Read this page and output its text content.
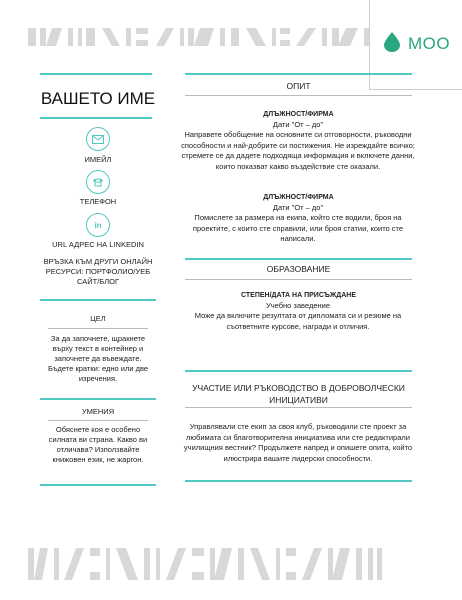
MOO
ВАШЕТО ИМЕ
ИМЕЙЛ
ТЕЛЕФОН
in
URL АДРЕС НА LINKEDIN
ВРЪЗКА КЪМ ДРУГИ ОНЛАЙН РЕСУРСИ: ПОРТФОЛИО/УЕБ САЙТ/БЛОГ
ЦЕЛ
За да започнете, щракнете върху текст в контейнер и започнете да въвеждате. Бъдете кратки: едно или две изречения.
УМЕНИЯ
Обяснете коя е особено силната ви страна. Какво ви отличава? Използвайте книжовен език, не жаргон.
ОПИТ
ДЛЪЖНОСТ/ФИРМА
Дати "От – до"
Направете обобщение на основните си отговорности, ръководни способности и най-добрите си постижения. Не изреждайте всичко; стремете се да дадете подходяща информация и включете данни, които показват какво въздействие сте оказали.
ДЛЪЖНОСТ/ФИРМА
Дати "От – до"
Помислете за размера на екипа, който сте водили, броя на проектите, с които сте справили, или броя статии, които сте написали.
ОБРАЗОВАНИЕ
СТЕПЕН/ДАТА НА ПРИСЪЖДАНЕ
Учебно заведение
Може да включите резултата от дипломата си и резюме на съответните курсове, награди и отличия.
УЧАСТИЕ ИЛИ РЪКОВОДСТВО В ДОБРОВОЛЧЕСКИ ИНИЦИАТИВИ
Управлявали сте екип за своя клуб, ръководили сте проект за любимата си благотворителна инициатива или сте редактирали училищния вестник? Продължете напред и опишете опита, който илюстрира вашите лидерски способности.
